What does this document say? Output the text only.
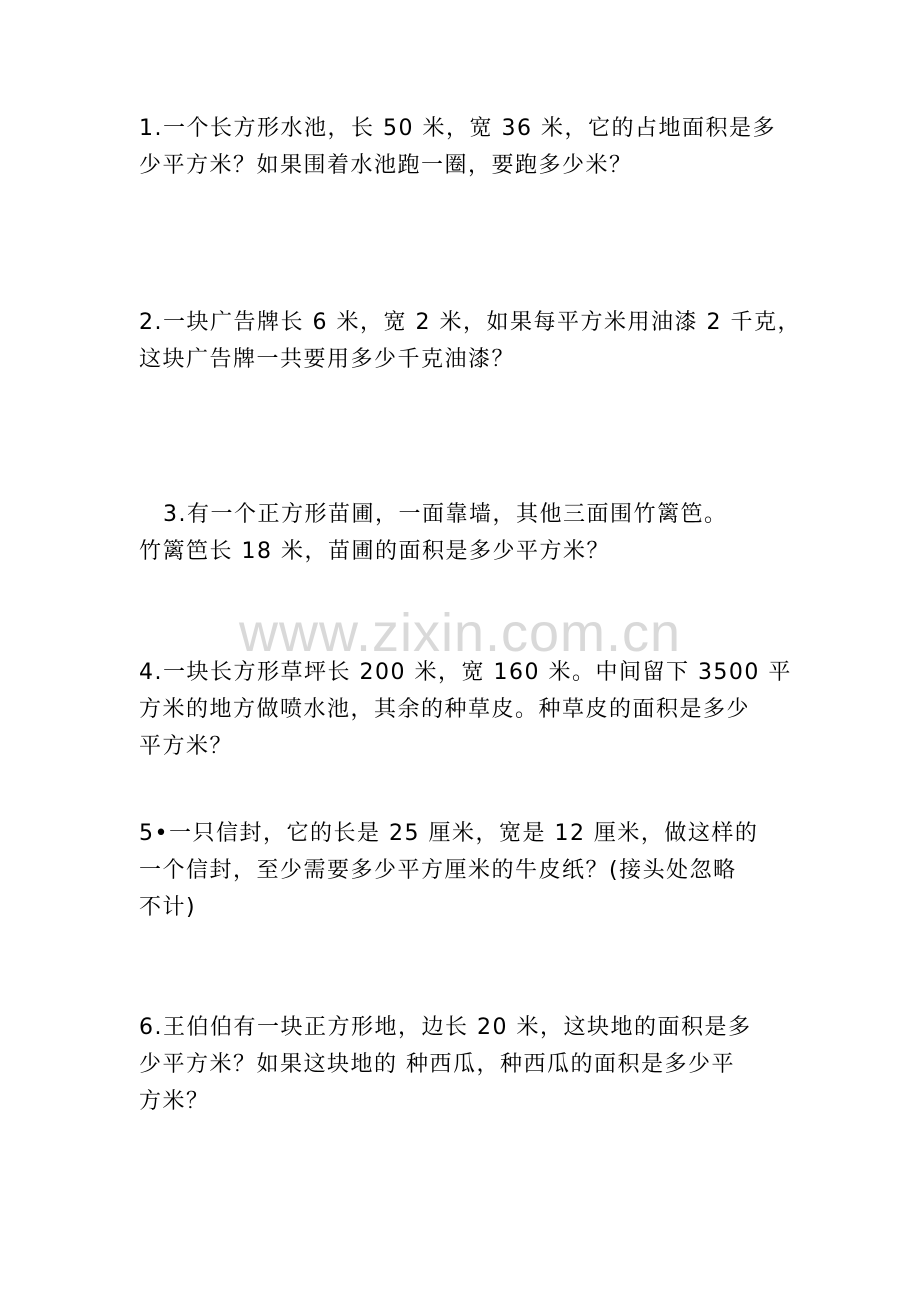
www.zixin.com.cn

1.一个长方形水池，长 50 米，宽 36 米，它的占地面积是多

少平方米？如果围着水池跑一圈，要跑多少米？

2.一块广告牌长 6 米，宽 2 米，如果每平方米用油漆 2 千克，

这块广告牌一共要用多少千克油漆？

3.有一个正方形苗圃，一面靠墙，其他三面围竹篱笆。

竹篱笆长 18 米，苗圃的面积是多少平方米？

4.一块长方形草坪长 200 米，宽 160 米。中间留下 3500 平

方米的地方做喷水池，其余的种草皮。种草皮的面积是多少

平方米？

5•一只信封，它的长是 25 厘米，宽是 12 厘米，做这样的

一个信封，至少需要多少平方厘米的牛皮纸？(接头处忽略

不计)

6.王伯伯有一块正方形地，边长 20 米，这块地的面积是多

少平方米？如果这块地的 种西瓜，种西瓜的面积是多少平

方米？
